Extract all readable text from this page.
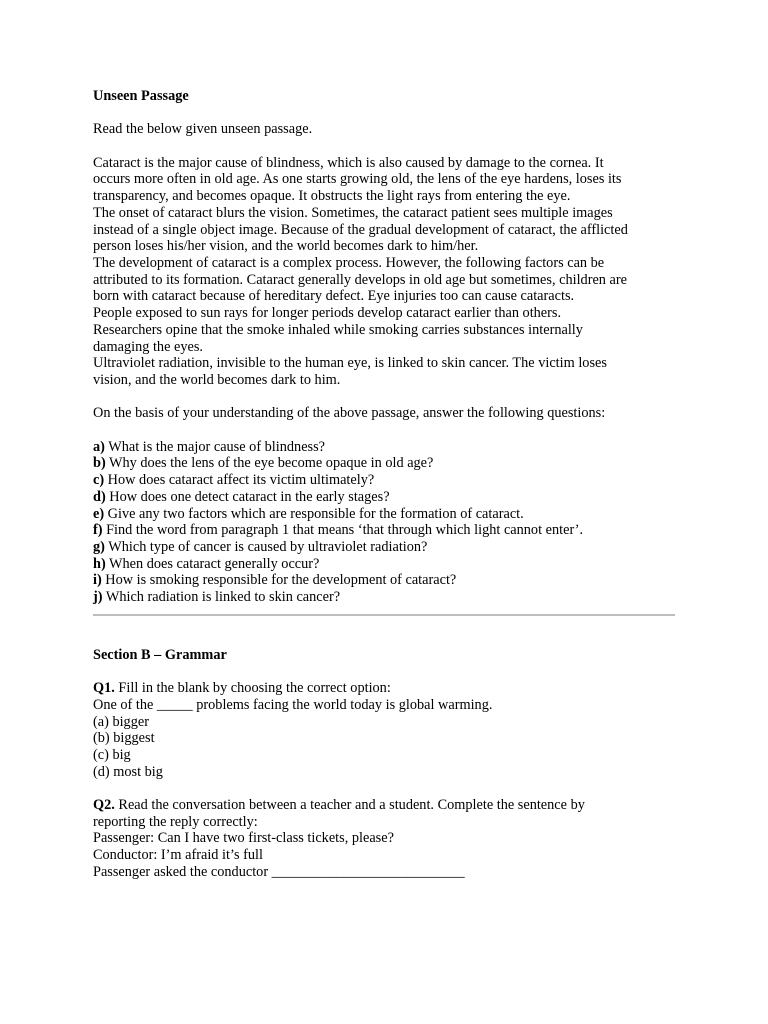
Unseen Passage
Read the below given unseen passage.
Cataract is the major cause of blindness, which is also caused by damage to the cornea. It
occurs more often in old age. As one starts growing old, the lens of the eye hardens, loses its
transparency, and becomes opaque. It obstructs the light rays from entering the eye.
The onset of cataract blurs the vision. Sometimes, the cataract patient sees multiple images
instead of a single object image. Because of the gradual development of cataract, the afflicted
person loses his/her vision, and the world becomes dark to him/her.
The development of cataract is a complex process. However, the following factors can be
attributed to its formation. Cataract generally develops in old age but sometimes, children are
born with cataract because of hereditary defect. Eye injuries too can cause cataracts.
People exposed to sun rays for longer periods develop cataract earlier than others.
Researchers opine that the smoke inhaled while smoking carries substances internally
damaging the eyes.
Ultraviolet radiation, invisible to the human eye, is linked to skin cancer. The victim loses
vision, and the world becomes dark to him.
On the basis of your understanding of the above passage, answer the following questions:
a) What is the major cause of blindness?
b) Why does the lens of the eye become opaque in old age?
c) How does cataract affect its victim ultimately?
d) How does one detect cataract in the early stages?
e) Give any two factors which are responsible for the formation of cataract.
f) Find the word from paragraph 1 that means ‘that through which light cannot enter’.
g) Which type of cancer is caused by ultraviolet radiation?
h) When does cataract generally occur?
i) How is smoking responsible for the development of cataract?
j) Which radiation is linked to skin cancer?
Section B – Grammar
Q1. Fill in the blank by choosing the correct option:
One of the _____ problems facing the world today is global warming.
(a) bigger
(b) biggest
(c) big
(d) most big
Q2. Read the conversation between a teacher and a student. Complete the sentence by
reporting the reply correctly:
Passenger: Can I have two first-class tickets, please?
Conductor: I’m afraid it’s full
Passenger asked the conductor ___________________________
